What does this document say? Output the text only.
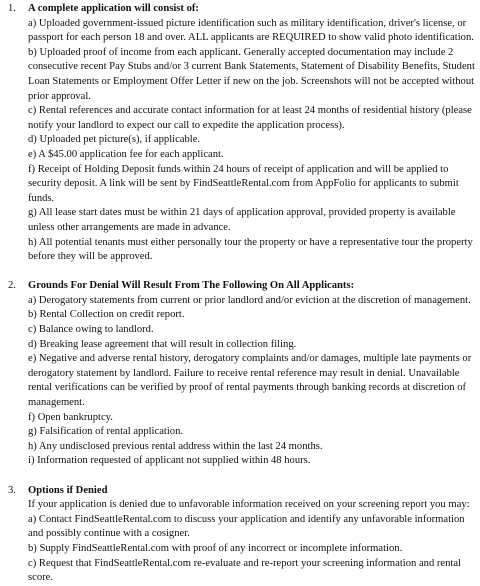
1.	A complete application will consist of:

a) Uploaded government-issued picture identification such as military identification, driver's license, or passport for each person 18 and over. ALL applicants are REQUIRED to show valid photo identification.

b) Uploaded proof of income from each applicant. Generally accepted documentation may include 2 consecutive recent Pay Stubs and/or 3 current Bank Statements, Statement of Disability Benefits, Student Loan Statements or Employment Offer Letter if new on the job. Screenshots will not be accepted without prior approval.

c) Rental references and accurate contact information for at least 24 months of residential history (please notify your landlord to expect our call to expedite the application process).

d) Uploaded pet picture(s), if applicable.

e) A $45.00 application fee for each applicant.

f) Receipt of Holding Deposit funds within 24 hours of receipt of application and will be applied to security deposit. A link will be sent by FindSeattleRental.com from AppFolio for applicants to submit funds.

g) All lease start dates must be within 21 days of application approval, provided property is available unless other arrangements are made in advance.

h) All potential tenants must either personally tour the property or have a representative tour the property before they will be approved.

2.	Grounds For Denial Will Result From The Following On All Applicants:

a) Derogatory statements from current or prior landlord and/or eviction at the discretion of management.

b) Rental Collection on credit report.

c) Balance owing to landlord.

d) Breaking lease agreement that will result in collection filing.

e) Negative and adverse rental history, derogatory complaints and/or damages, multiple late payments or derogatory statement by landlord. Failure to receive rental reference may result in denial. Unavailable rental verifications can be verified by proof of rental payments through banking records at discretion of management.

f) Open bankruptcy.

g) Falsification of rental application.

h) Any undisclosed previous rental address within the last 24 months.

i) Information requested of applicant not supplied within 48 hours.

3.	Options if Denied

If your application is denied due to unfavorable information received on your screening report you may:

a) Contact FindSeattleRental.com to discuss your application and identify any unfavorable information and possibly continue with a cosigner.

b) Supply FindSeattleRental.com with proof of any incorrect or incomplete information.

c) Request that FindSeattleRental.com re-evaluate and re-report your screening information and rental score.
